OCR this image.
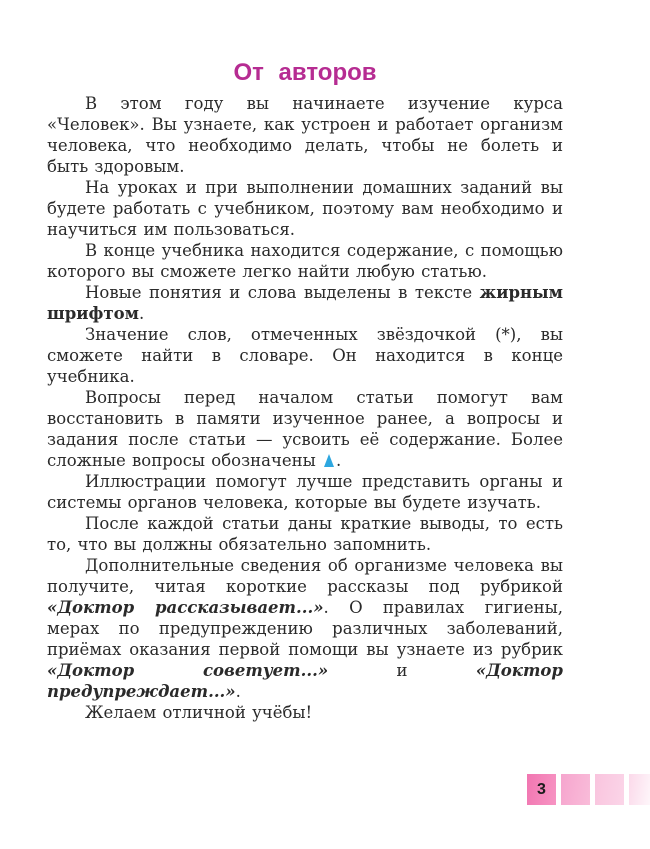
От авторов

В этом году вы начинаете изучение курса «Человек». Вы узнаете, как устроен и работает организм человека, что необходимо делать, чтобы не болеть и быть здоровым.

На уроках и при выполнении домашних заданий вы будете работать с учебником, поэтому вам необходимо и научиться им пользоваться.

В конце учебника находится содержание, с помощью которого вы сможете легко найти любую статью.

Новые понятия и слова выделены в тексте жирным шрифтом.

Значение слов, отмеченных звёздочкой (*), вы сможете найти в словаре. Он находится в конце учебника.

Вопросы перед началом статьи помогут вам восстановить в памяти изученное ранее, а вопросы и задания после статьи — усвоить её содержание. Более сложные вопросы обозначены .

Иллюстрации помогут лучше представить органы и системы органов человека, которые вы будете изучать.

После каждой статьи даны краткие выводы, то есть то, что вы должны обязательно запомнить.

Дополнительные сведения об организме человека вы получите, читая короткие рассказы под рубрикой «Доктор рассказывает...». О правилах гигиены, мерах по предупреждению различных заболеваний, приёмах оказания первой помощи вы узнаете из рубрик «Доктор советует...» и «Доктор предупреждает...».

Желаем отличной учёбы!

3
